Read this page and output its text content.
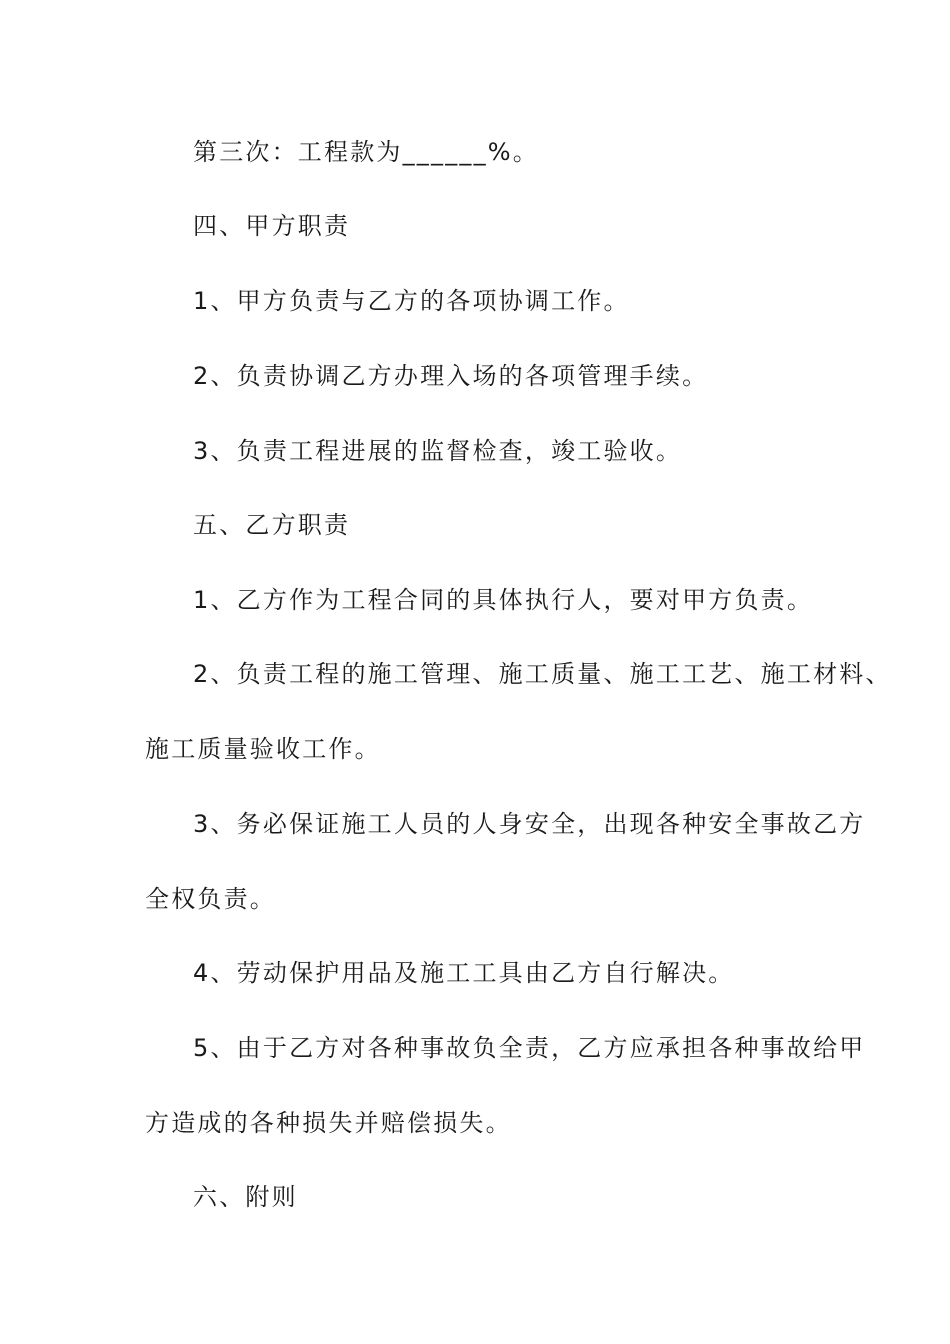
第三次：工程款为______%。
四、甲方职责
1、甲方负责与乙方的各项协调工作。
2、负责协调乙方办理入场的各项管理手续。
3、负责工程进展的监督检查，竣工验收。
五、乙方职责
1、乙方作为工程合同的具体执行人，要对甲方负责。
2、负责工程的施工管理、施工质量、施工工艺、施工材料、
施工质量验收工作。
3、务必保证施工人员的人身安全，出现各种安全事故乙方
全权负责。
4、劳动保护用品及施工工具由乙方自行解决。
5、由于乙方对各种事故负全责，乙方应承担各种事故给甲
方造成的各种损失并赔偿损失。
六、附则
